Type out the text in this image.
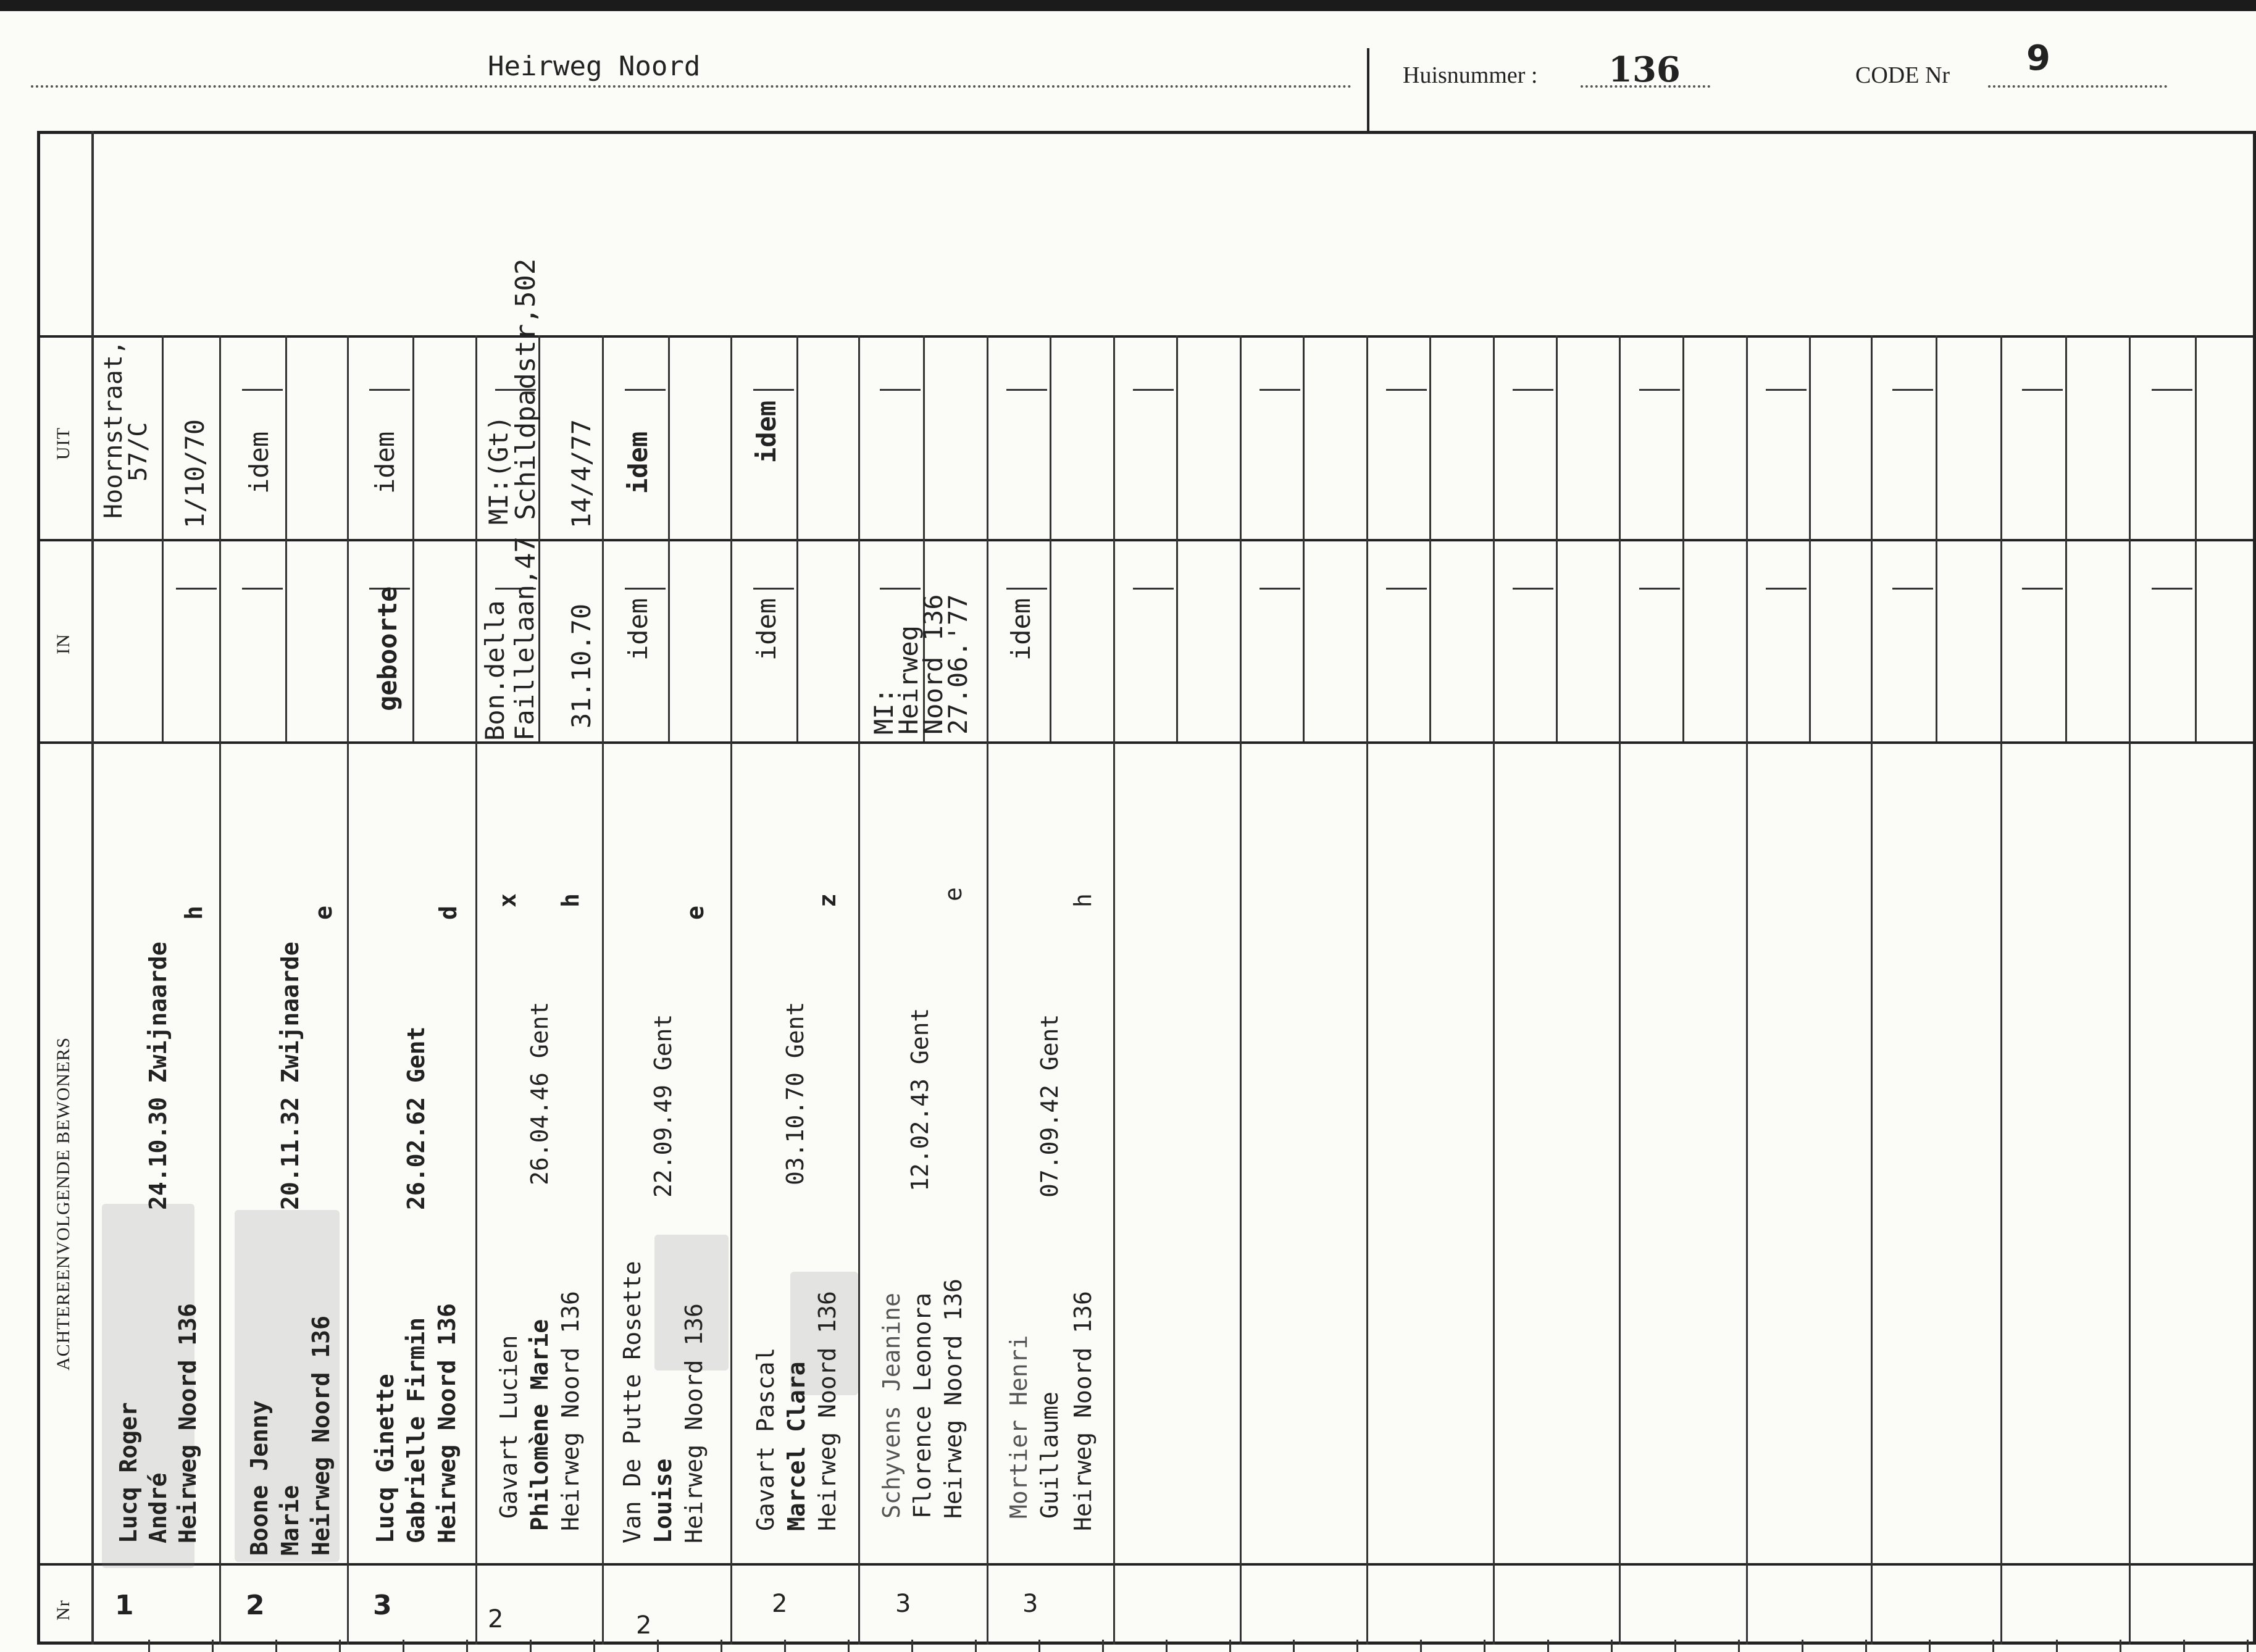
Heirweg Noord	Huisnummer : 136	CODE Nr 9
UIT
IN
ACHTEREENVOLGENDE BEWONERS
Nr 1
Lucq Roger André
24.10.30 Zwijnaarde
Heirweg Noord 136
h
Hoornstraat,
57/C 1/10/70
2
Boone Jenny Marie
20.11.32 Zwijnaarde
Heirweg Noord 136
e
idem
3
Lucq Ginette Gabrielle Firmin
26.02.62 Gent
Heirweg Noord 136
d
geboorte
idem
2
Gavart Lucien Philomène Marie
26.04.46 Gent
Heirweg Noord 136
x h
Bon.della Faillelaan, 31.10.70
MI:(Gt)
47 Schildpadstr,502 14/4/77
2
Van De Putte Rosette Louise
22.09.49 Gent
Heirweg Noord 136
e
idem
idem
2
Gavart Pascal Marcel Clara
03.10.70 Gent
Heirweg Noord 136
z
idem
idem
3
Schyvens Jeanine Florence Leonora
12.02.43 Gent
Heirweg Noord 136
e
MI:
Heirweg
Noord 136
27.06.'77
3
Mortier Henri Guillaume
07.09.42 Gent
Heirweg Noord 136
h
idem
